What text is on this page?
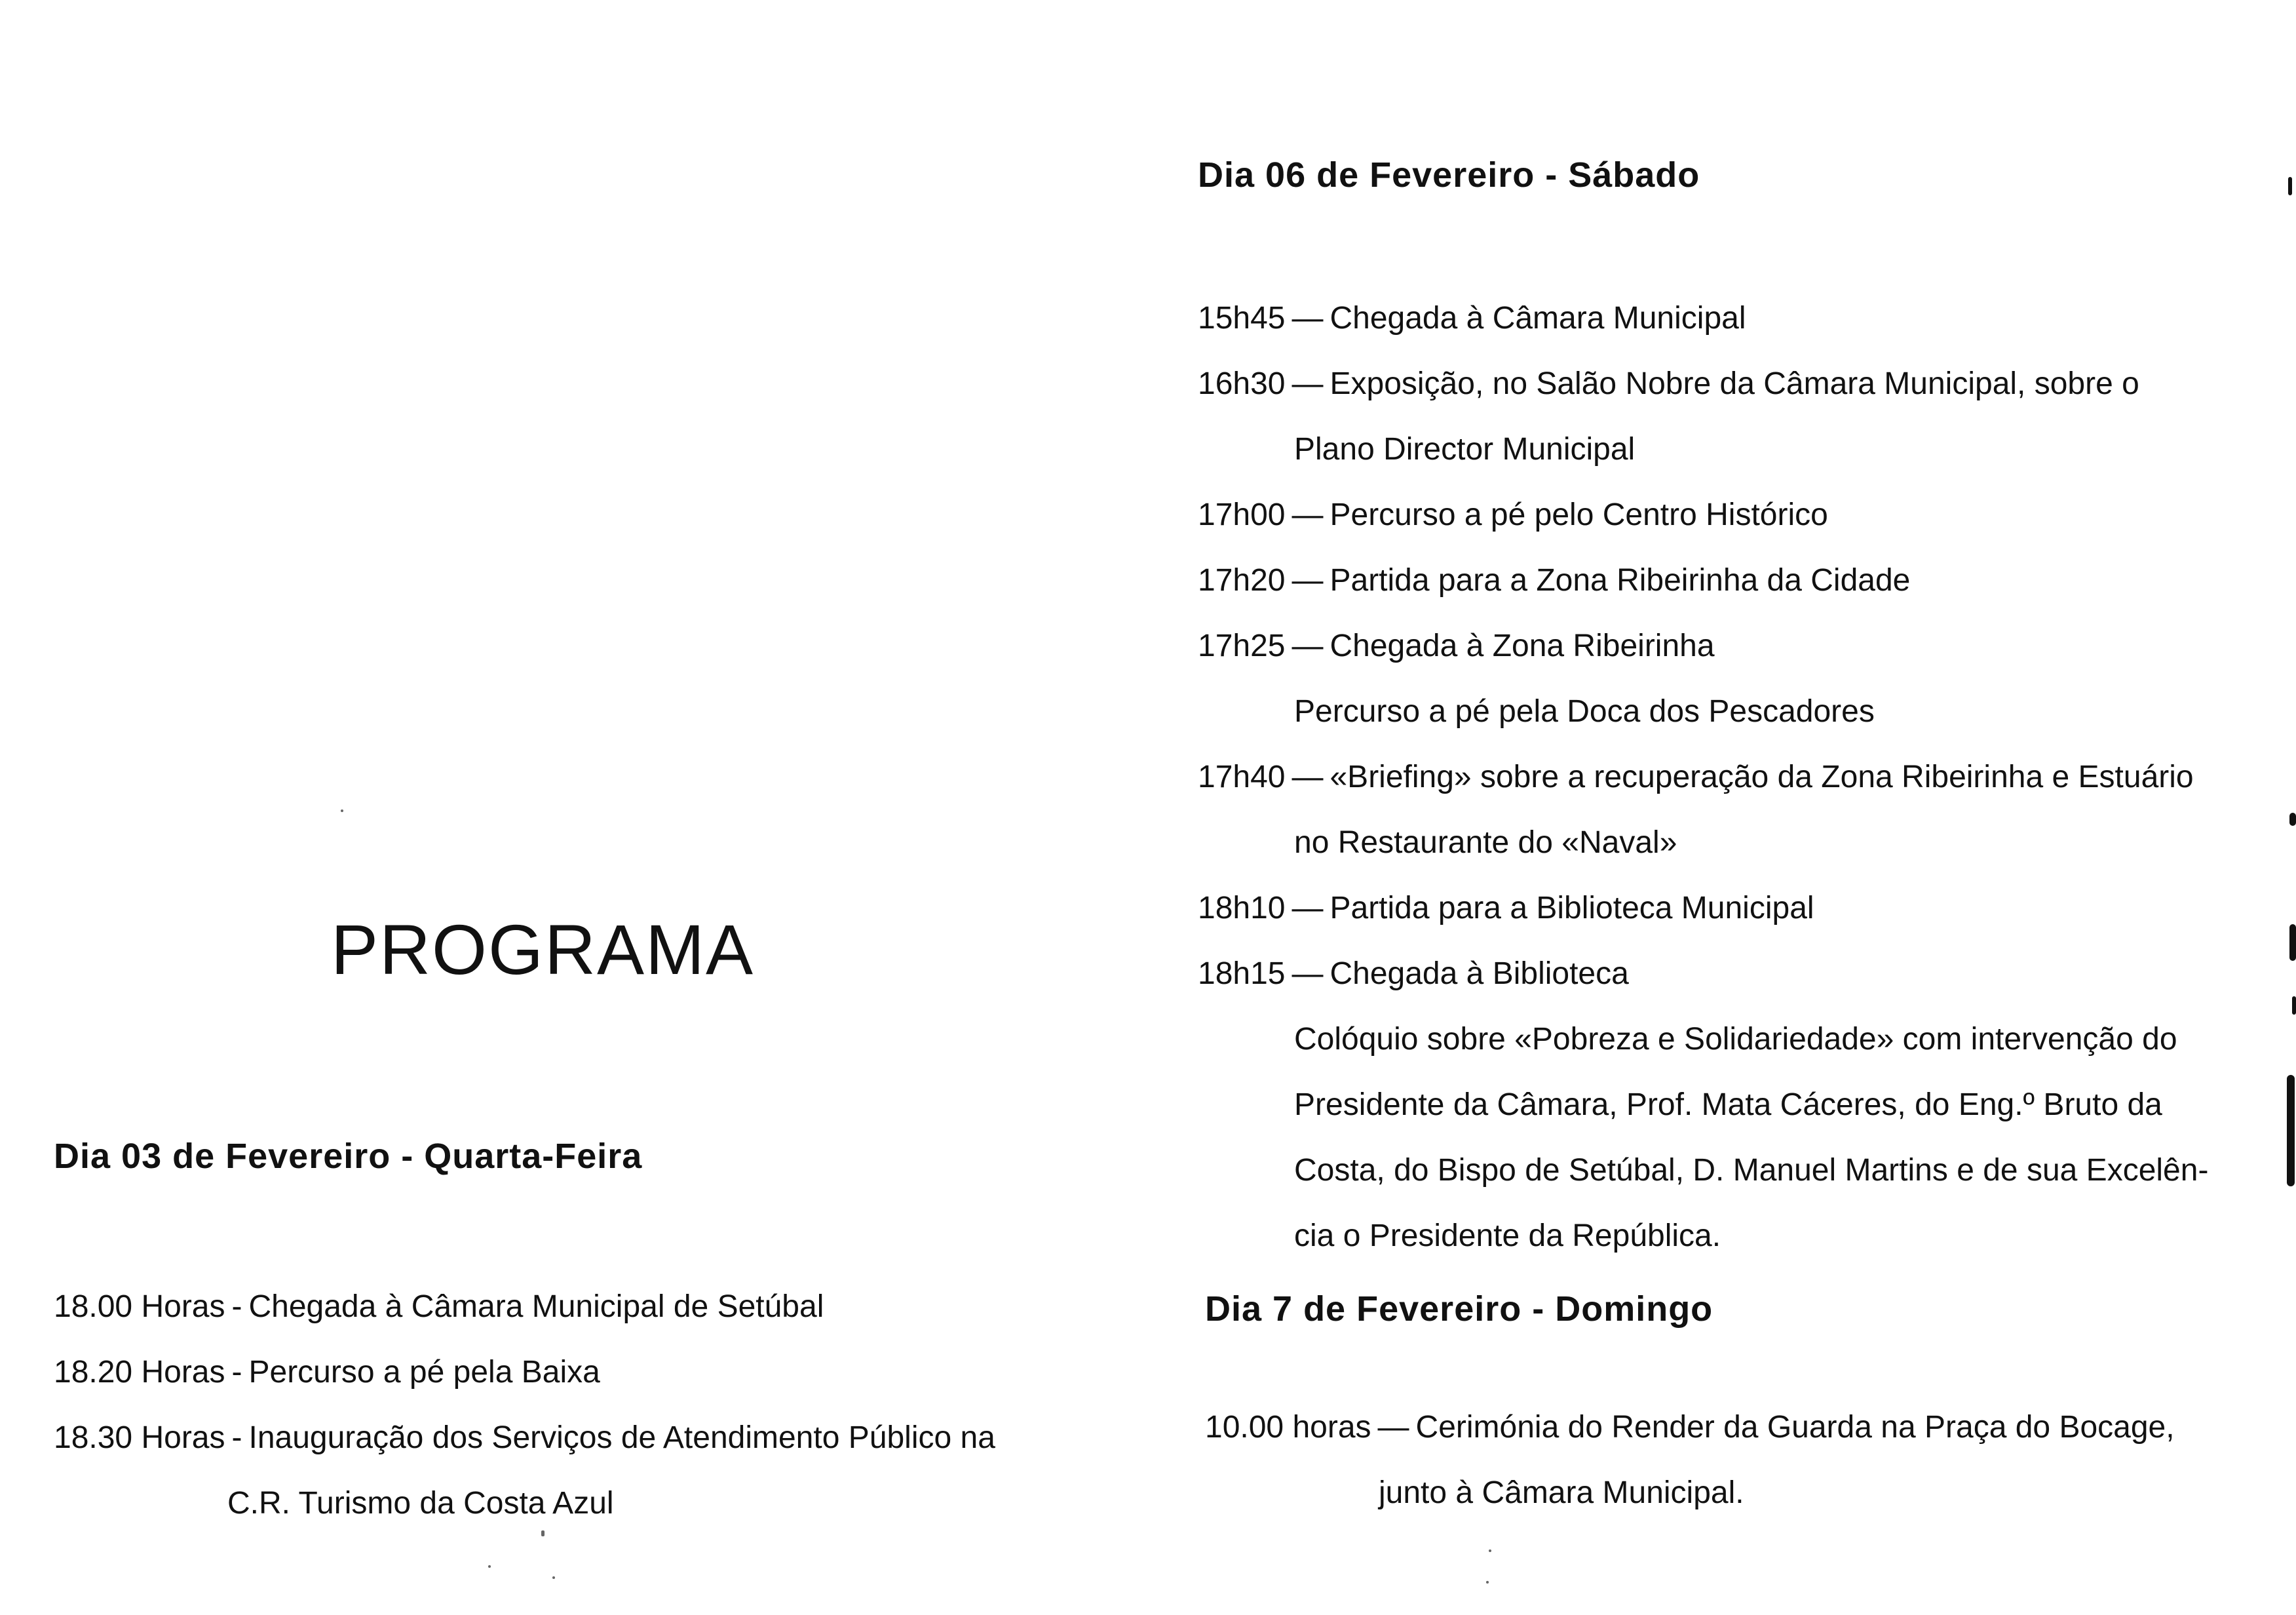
PROGRAMA
Dia 03 de Fevereiro - Quarta-Feira
18.00 Horas - Chegada à Câmara Municipal de Setúbal
18.20 Horas - Percurso a pé pela Baixa
18.30 Horas - Inauguração dos Serviços de Atendimento Público na
C.R. Turismo da Costa Azul
Dia 06 de Fevereiro - Sábado
15h45 — Chegada à Câmara Municipal
16h30 — Exposição, no Salão Nobre da Câmara Municipal, sobre o
Plano Director Municipal
17h00 — Percurso a pé pelo Centro Histórico
17h20 — Partida para a Zona Ribeirinha da Cidade
17h25 — Chegada à Zona Ribeirinha
Percurso a pé pela Doca dos Pescadores
17h40 — «Briefing» sobre a recuperação da Zona Ribeirinha e Estuário
no Restaurante do «Naval»
18h10 — Partida para a Biblioteca Municipal
18h15 — Chegada à Biblioteca
Colóquio sobre «Pobreza e Solidariedade» com intervenção do
Presidente da Câmara, Prof. Mata Cáceres, do Eng.º Bruto da
Costa, do Bispo de Setúbal, D. Manuel Martins e de sua Excelên-
cia o Presidente da República.
Dia 7 de Fevereiro - Domingo
10.00 horas — Cerimónia do Render da Guarda na Praça do Bocage,
junto à Câmara Municipal.
